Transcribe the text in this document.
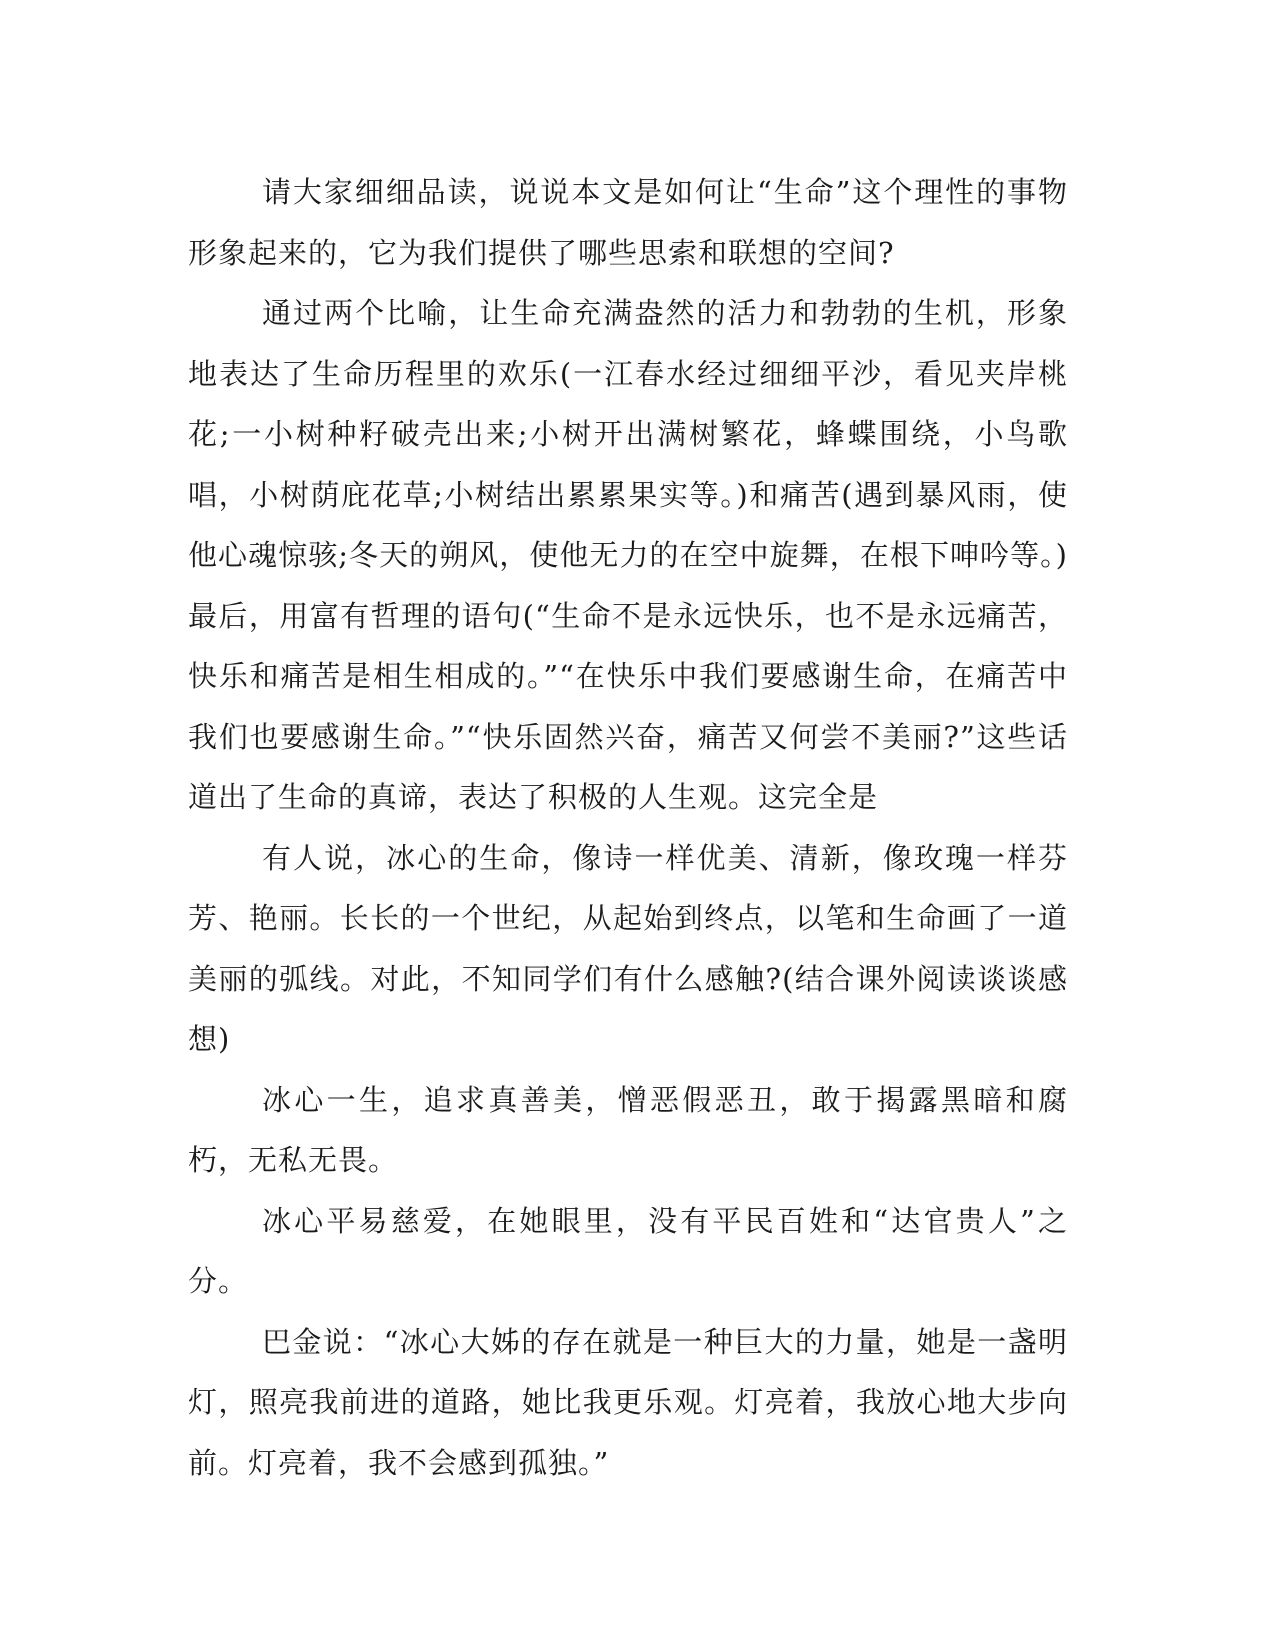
请大家细细品读，说说本文是如何让“生命”这个理性的事物形象起来的，它为我们提供了哪些思索和联想的空间?

通过两个比喻，让生命充满盎然的活力和勃勃的生机，形象地表达了生命历程里的欢乐(一江春水经过细细平沙，看见夹岸桃花;一小树种籽破壳出来;小树开出满树繁花，蜂蝶围绕，小鸟歌唱，小树荫庇花草;小树结出累累果实等。)和痛苦(遇到暴风雨，使他心魂惊骇;冬天的朔风，使他无力的在空中旋舞，在根下呻吟等。)最后，用富有哲理的语句(“生命不是永远快乐，也不是永远痛苦，快乐和痛苦是相生相成的。”“在快乐中我们要感谢生命，在痛苦中我们也要感谢生命。”“快乐固然兴奋，痛苦又何尝不美丽?”这些话道出了生命的真谛，表达了积极的人生观。这完全是

有人说，冰心的生命，像诗一样优美、清新，像玫瑰一样芬芳、艳丽。长长的一个世纪，从起始到终点，以笔和生命画了一道美丽的弧线。对此，不知同学们有什么感触?(结合课外阅读谈谈感想)

冰心一生，追求真善美，憎恶假恶丑，敢于揭露黑暗和腐朽，无私无畏。

冰心平易慈爱，在她眼里，没有平民百姓和“达官贵人”之分。

巴金说：“冰心大姊的存在就是一种巨大的力量，她是一盏明灯，照亮我前进的道路，她比我更乐观。灯亮着，我放心地大步向前。灯亮着，我不会感到孤独。”
